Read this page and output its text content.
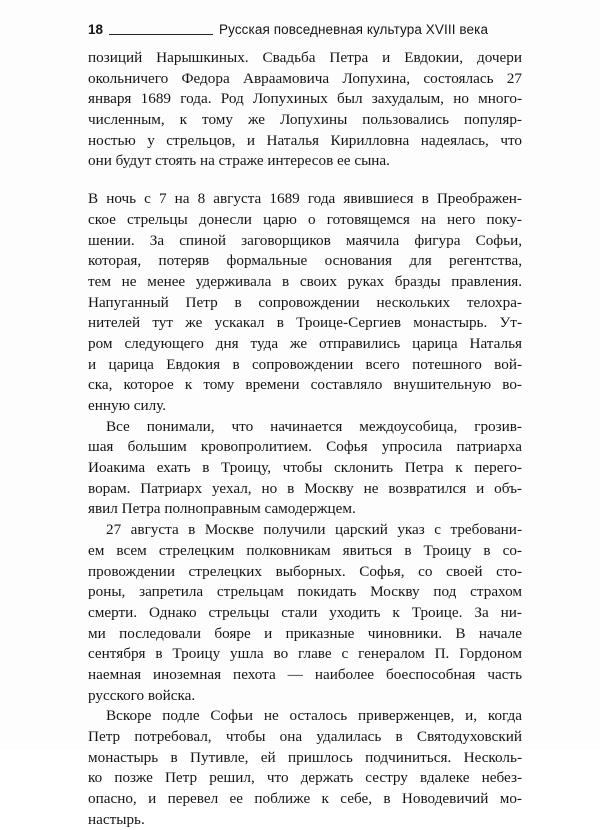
18	Русская повседневная культура XVIII века
позиций Нарышкиных. Свадьба Петра и Евдокии, дочери
окольничего Федора Авраамовича Лопухина, состоялась 27
января 1689 года. Род Лопухиных был захудалым, но много-
численным, к тому же Лопухины пользовались популяр-
ностью у стрельцов, и Наталья Кирилловна надеялась, что
они будут стоять на страже интересов ее сына.
В ночь с 7 на 8 августа 1689 года явившиеся в Преображен-
ское стрельцы донесли царю о готовящемся на него поку-
шении. За спиной заговорщиков маячила фигура Софьи,
которая, потеряв формальные основания для регентства,
тем не менее удерживала в своих руках бразды правления.
Напуганный Петр в сопровождении нескольких телохра-
нителей тут же ускакал в Троице-Сергиев монастырь. Ут-
ром следующего дня туда же отправились царица Наталья
и царица Евдокия в сопровождении всего потешного вой-
ска, которое к тому времени составляло внушительную во-
енную силу.
Все понимали, что начинается междоусобица, грозив-
шая большим кровопролитием. Софья упросила патриарха
Иоакима ехать в Троицу, чтобы склонить Петра к перего-
ворам. Патриарх уехал, но в Москву не возвратился и объ-
явил Петра полноправным самодержцем.
27 августа в Москве получили царский указ с требовани-
ем всем стрелецким полковникам явиться в Троицу в со-
провождении стрелецких выборных. Софья, со своей сто-
роны, запретила стрельцам покидать Москву под страхом
смерти. Однако стрельцы стали уходить к Троице. За ни-
ми последовали бояре и приказные чиновники. В начале
сентября в Троицу ушла во главе с генералом П. Гордоном
наемная иноземная пехота — наиболее боеспособная часть
русского войска.
Вскоре подле Софьи не осталось приверженцев, и, когда
Петр потребовал, чтобы она удалилась в Святодуховский
монастырь в Путивле, ей пришлось подчиниться. Несколь-
ко позже Петр решил, что держать сестру вдалеке небез-
опасно, и перевел ее поближе к себе, в Новодевичий мо-
настырь.
